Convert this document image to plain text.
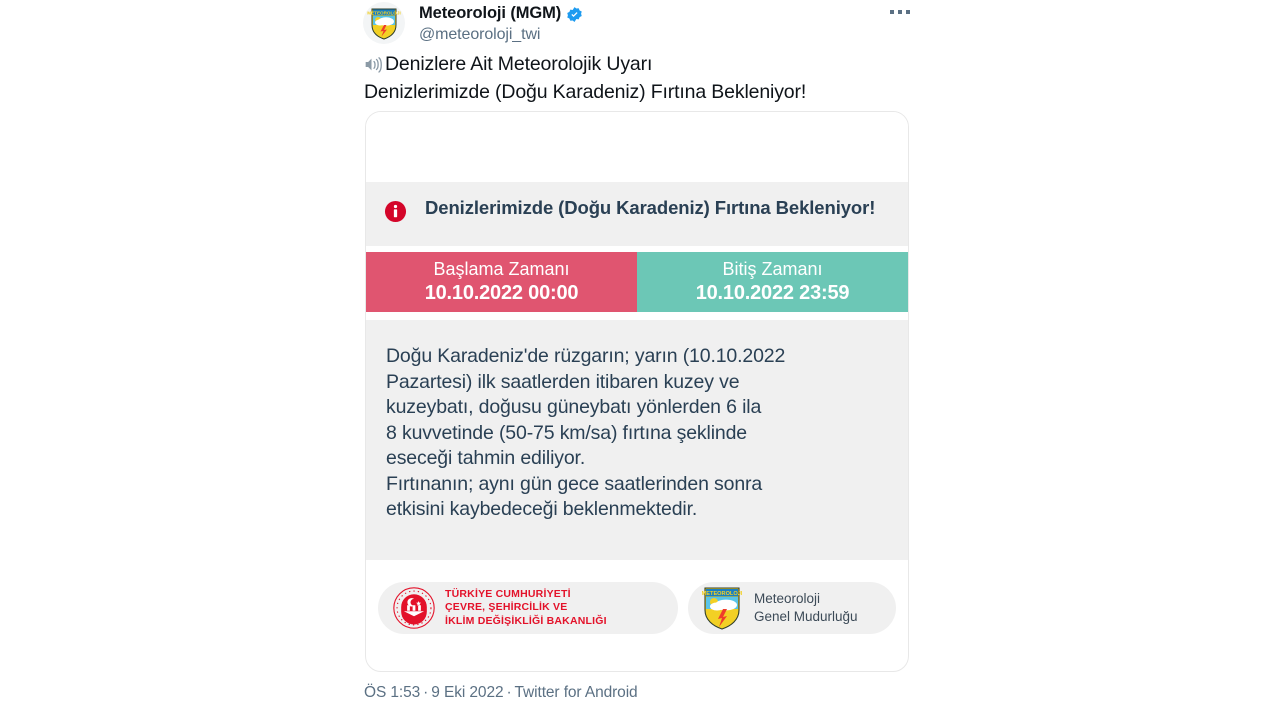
METEOROLOJI Meteoroloji (MGM)
@meteoroloji_twi
Denizlere Ait Meteorolojik Uyarı
Denizlerimizde (Doğu Karadeniz) Fırtına Bekleniyor!
Denizlerimizde (Doğu Karadeniz) Fırtına Bekleniyor!
Başlama Zamanı
10.10.2022 00:00
Bitiş Zamanı
10.10.2022 23:59
Doğu Karadeniz'de rüzgarın; yarın (10.10.2022
Pazartesi) ilk saatlerden itibaren kuzey ve
kuzeybatı, doğusu güneybatı yönlerden 6 ila
8 kuvvetinde (50-75 km/sa) fırtına şeklinde
eseceği tahmin ediliyor.
Fırtınanın; aynı gün gece saatlerinden sonra
etkisini kaybedeceği beklenmektedir.
TÜRKİYE CUMHURİYETİ
ÇEVRE, ŞEHİRCİLİK VE
İKLİM DEĞİŞİKLİĞİ BAKANLIĞI
METEOROLOJI Meteoroloji
Genel Mudurluğu
ÖS 1:53 · 9 Eki 2022 · Twitter for Android
